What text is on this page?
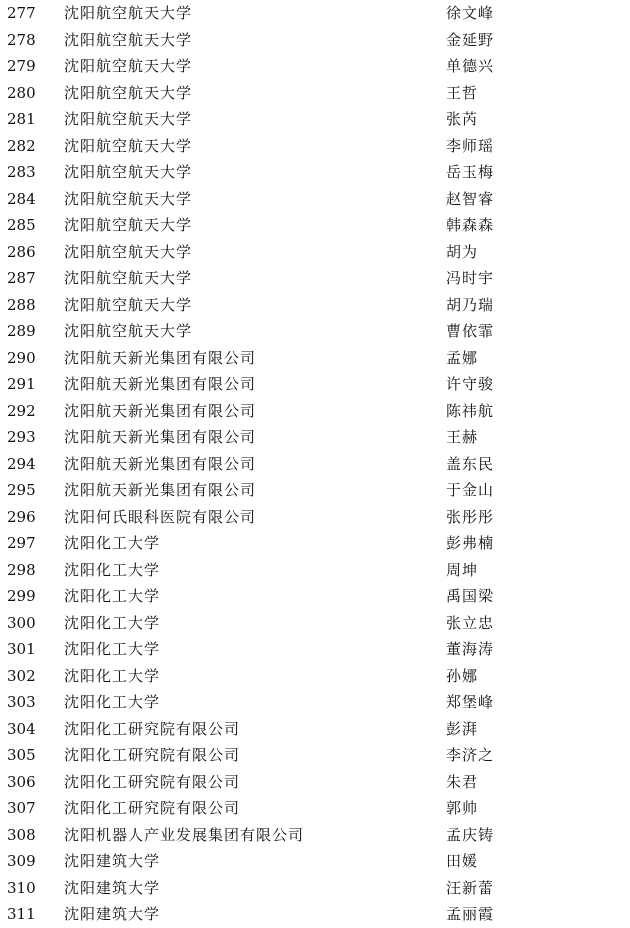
277 沈阳航空航天大学	徐文峰
278 沈阳航空航天大学	金延野
279 沈阳航空航天大学	单德兴
280 沈阳航空航天大学	王哲
281 沈阳航空航天大学	张芮
282 沈阳航空航天大学	李师瑶
283 沈阳航空航天大学	岳玉梅
284 沈阳航空航天大学	赵智睿
285 沈阳航空航天大学	韩森森
286 沈阳航空航天大学	胡为
287 沈阳航空航天大学	冯时宇
288 沈阳航空航天大学	胡乃瑞
289 沈阳航空航天大学	曹依霏
290 沈阳航天新光集团有限公司	孟娜
291 沈阳航天新光集团有限公司	许守骏
292 沈阳航天新光集团有限公司	陈祎航
293 沈阳航天新光集团有限公司	王赫
294 沈阳航天新光集团有限公司	盖东民
295 沈阳航天新光集团有限公司	于金山
296 沈阳何氏眼科医院有限公司	张彤彤
297 沈阳化工大学	彭弗楠
298 沈阳化工大学	周坤
299 沈阳化工大学	禹国梁
300 沈阳化工大学	张立忠
301 沈阳化工大学	董海涛
302 沈阳化工大学	孙娜
303 沈阳化工大学	郑堡峰
304 沈阳化工研究院有限公司	彭湃
305 沈阳化工研究院有限公司	李济之
306 沈阳化工研究院有限公司	朱君
307 沈阳化工研究院有限公司	郭帅
308 沈阳机器人产业发展集团有限公司	孟庆铸
309 沈阳建筑大学	田媛
310 沈阳建筑大学	汪新蕾
311 沈阳建筑大学	孟丽霞
